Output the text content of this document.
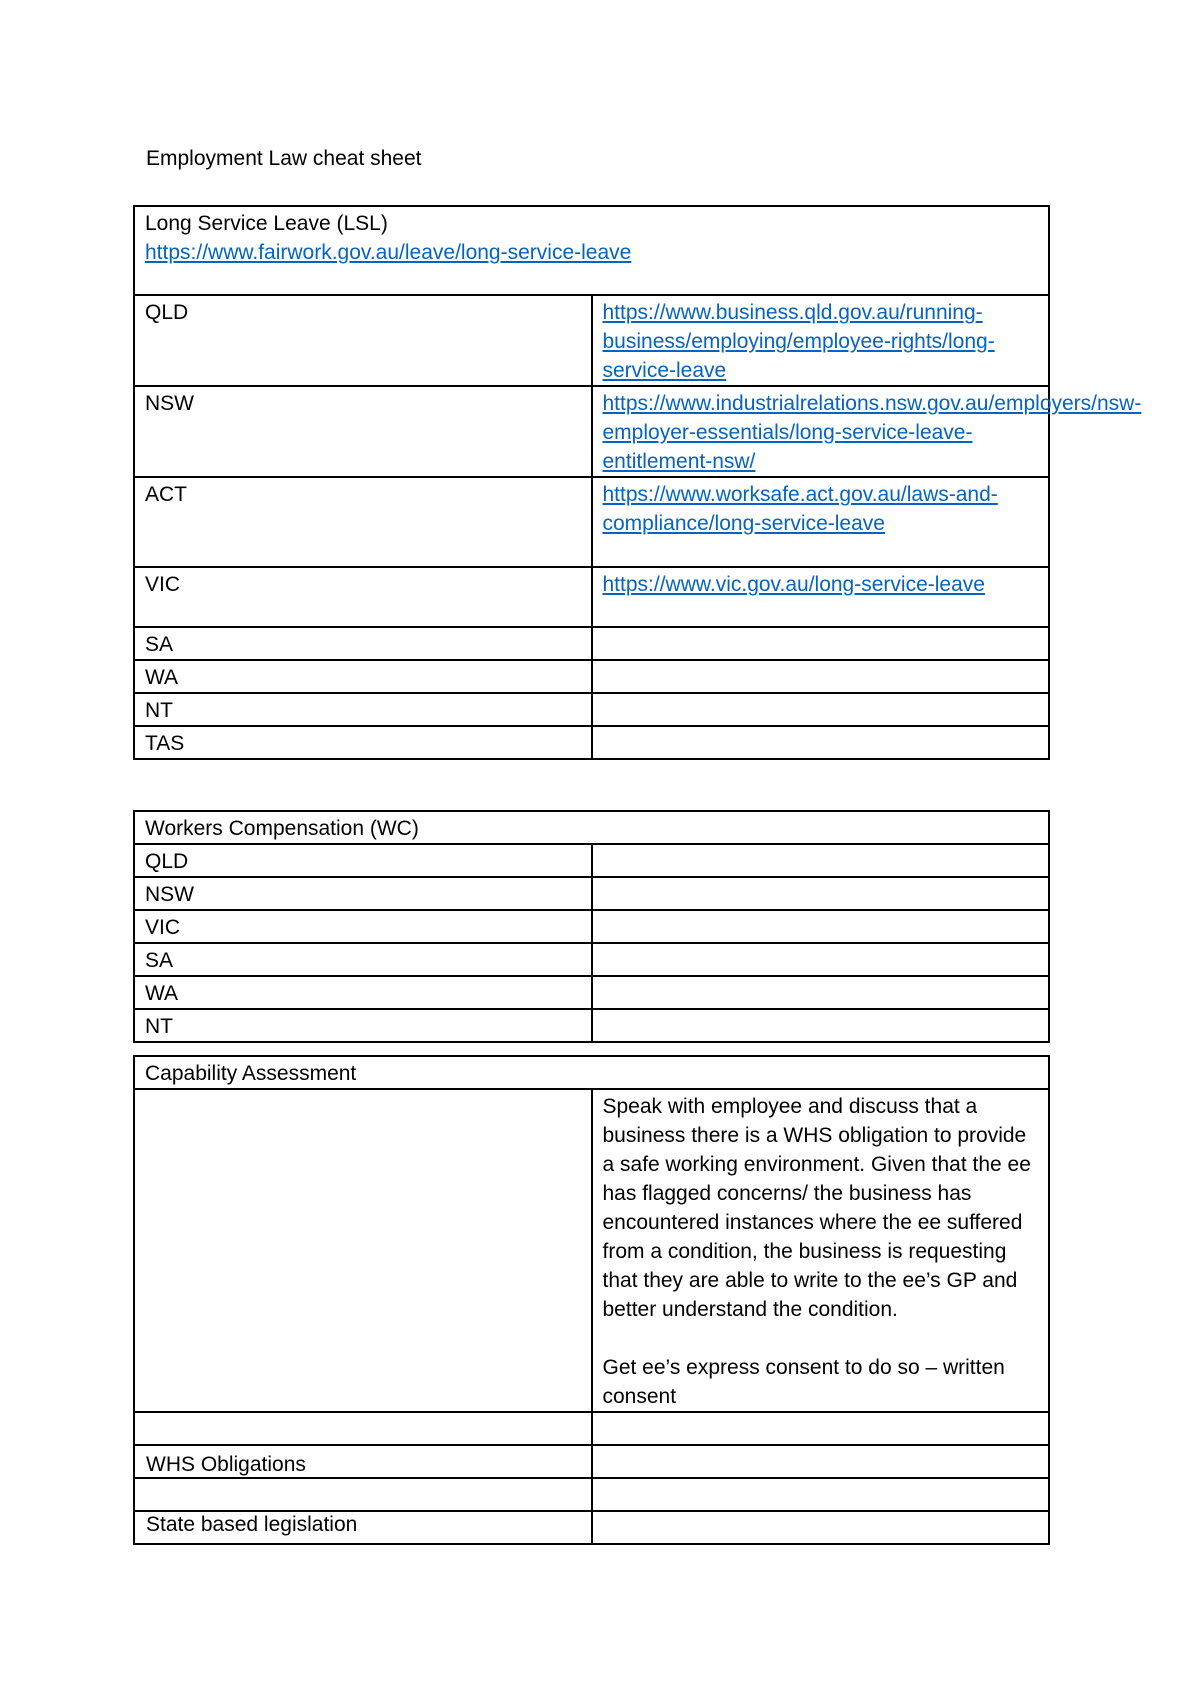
Employment Law cheat sheet
Long Service Leave (LSL)
https://www.fairwork.gov.au/leave/long-service-leave	
QLD	https://www.business.qld.gov.au/running-business/employing/employee-rights/long-service-leave
NSW	https://www.industrialrelations.nsw.gov.au/employers/nsw-employer-essentials/long-service-leave-entitlement-nsw/
ACT	https://www.worksafe.act.gov.au/laws-and-compliance/long-service-leave
VIC	https://www.vic.gov.au/long-service-leave
SA	
WA	
NT	
TAS	
Workers Compensation (WC)	
QLD	
NSW	
VIC	
SA	
WA	
NT	
Capability Assessment	

	Speak with employee and discuss that a business there is a WHS obligation to provide a safe working environment. Given that the ee has flagged concerns/ the business has encountered instances where the ee suffered from a condition, the business is requesting that they are able to write to the ee’s GP and better understand the condition.

Get ee’s express consent to do so – written consent

WHS Obligations
State based legislation
